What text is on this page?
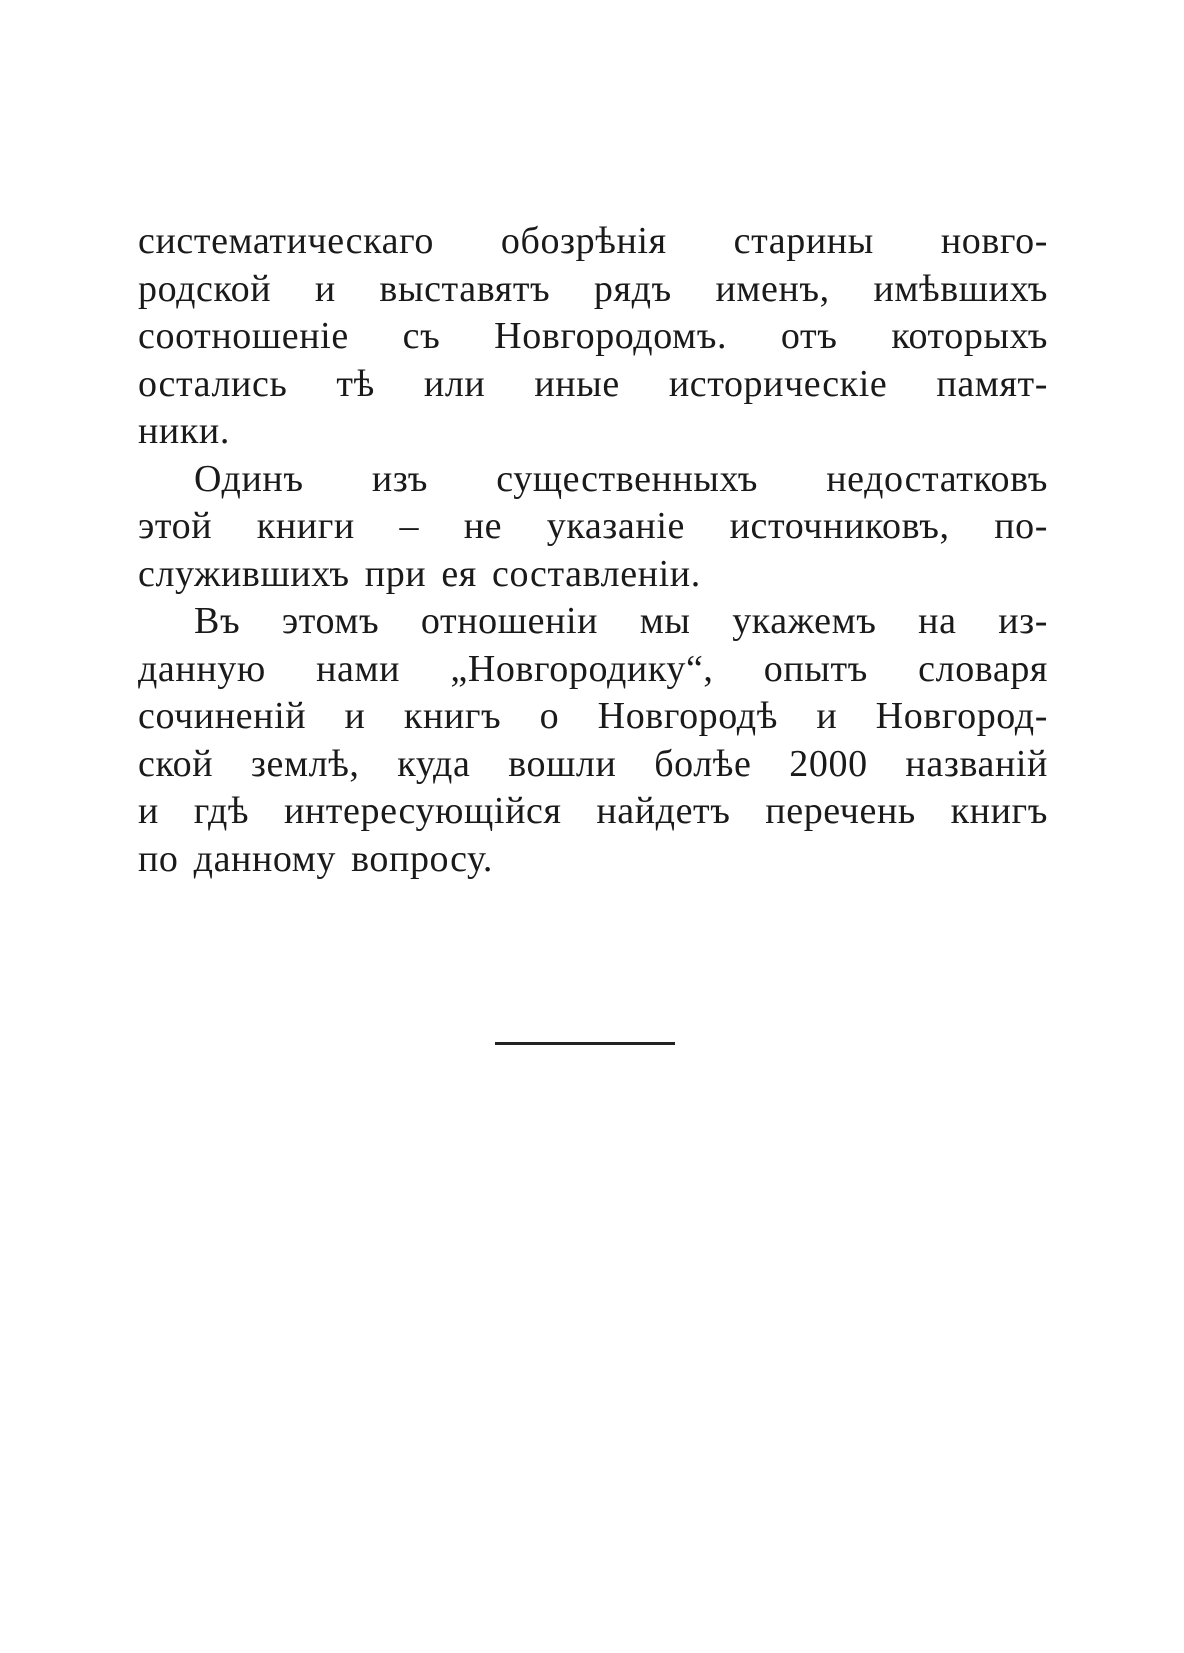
систематическаго обозрѣнія старины новго-
родской и выставятъ рядъ именъ, имѣвшихъ
соотношеніе съ Новгородомъ. отъ которыхъ
остались тѣ или иные историческіе памят-
ники.
Одинъ изъ существенныхъ недостатковъ
этой книги – не указаніе источниковъ, по-
служившихъ при ея составленіи.
Въ этомъ отношеніи мы укажемъ на из-
данную нами „Новгородику“, опытъ словаря
сочиненій и книгъ о Новгородѣ и Новгород-
ской землѣ, куда вошли болѣе 2000 названій
и гдѣ интересующійся найдетъ перечень книгъ
по данному вопросу.
